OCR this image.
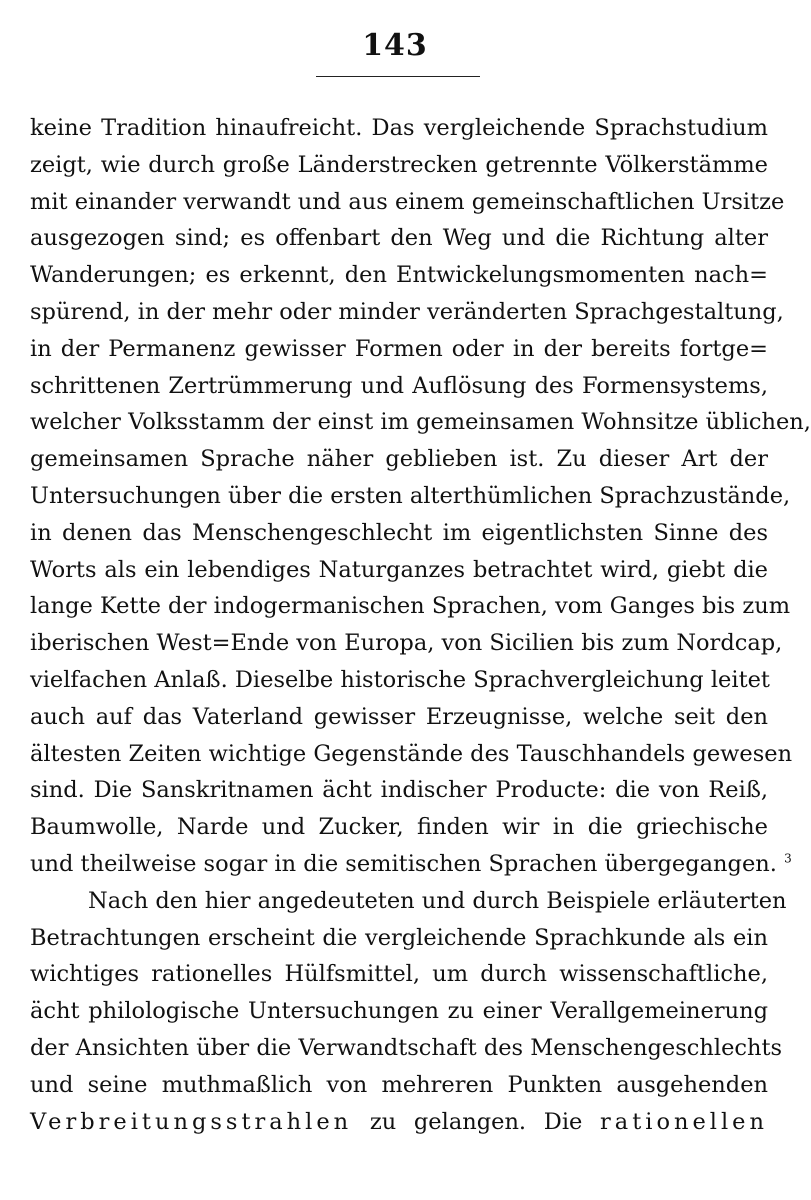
143
keine Tradition hinaufreicht. Das vergleichende Sprachstudium
zeigt, wie durch große Länderstrecken getrennte Völkerstämme
mit einander verwandt und aus einem gemeinschaftlichen Ursitze
ausgezogen sind; es offenbart den Weg und die Richtung alter
Wanderungen; es erkennt, den Entwickelungsmomenten nach=
spürend, in der mehr oder minder veränderten Sprachgestaltung,
in der Permanenz gewisser Formen oder in der bereits fortge=
schrittenen Zertrümmerung und Auflösung des Formensystems,
welcher Volksstamm der einst im gemeinsamen Wohnsitze üblichen,
gemeinsamen Sprache näher geblieben ist. Zu dieser Art der
Untersuchungen über die ersten alterthümlichen Sprachzustände,
in denen das Menschengeschlecht im eigentlichsten Sinne des
Worts als ein lebendiges Naturganzes betrachtet wird, giebt die
lange Kette der indogermanischen Sprachen, vom Ganges bis zum
iberischen West=Ende von Europa, von Sicilien bis zum Nordcap,
vielfachen Anlaß. Dieselbe historische Sprachvergleichung leitet
auch auf das Vaterland gewisser Erzeugnisse, welche seit den
ältesten Zeiten wichtige Gegenstände des Tauschhandels gewesen
sind. Die Sanskritnamen ächt indischer Producte: die von Reiß,
Baumwolle, Narde und Zucker, finden wir in die griechische
und theilweise sogar in die semitischen Sprachen übergegangen. $^3$
Nach den hier angedeuteten und durch Beispiele erläuterten
Betrachtungen erscheint die vergleichende Sprachkunde als ein
wichtiges rationelles Hülfsmittel, um durch wissenschaftliche,
ächt philologische Untersuchungen zu einer Verallgemeinerung
der Ansichten über die Verwandtschaft des Menschengeschlechts
und seine muthmaßlich von mehreren Punkten ausgehenden
Verbreitungsstrahlen zu gelangen. Die rationellen
